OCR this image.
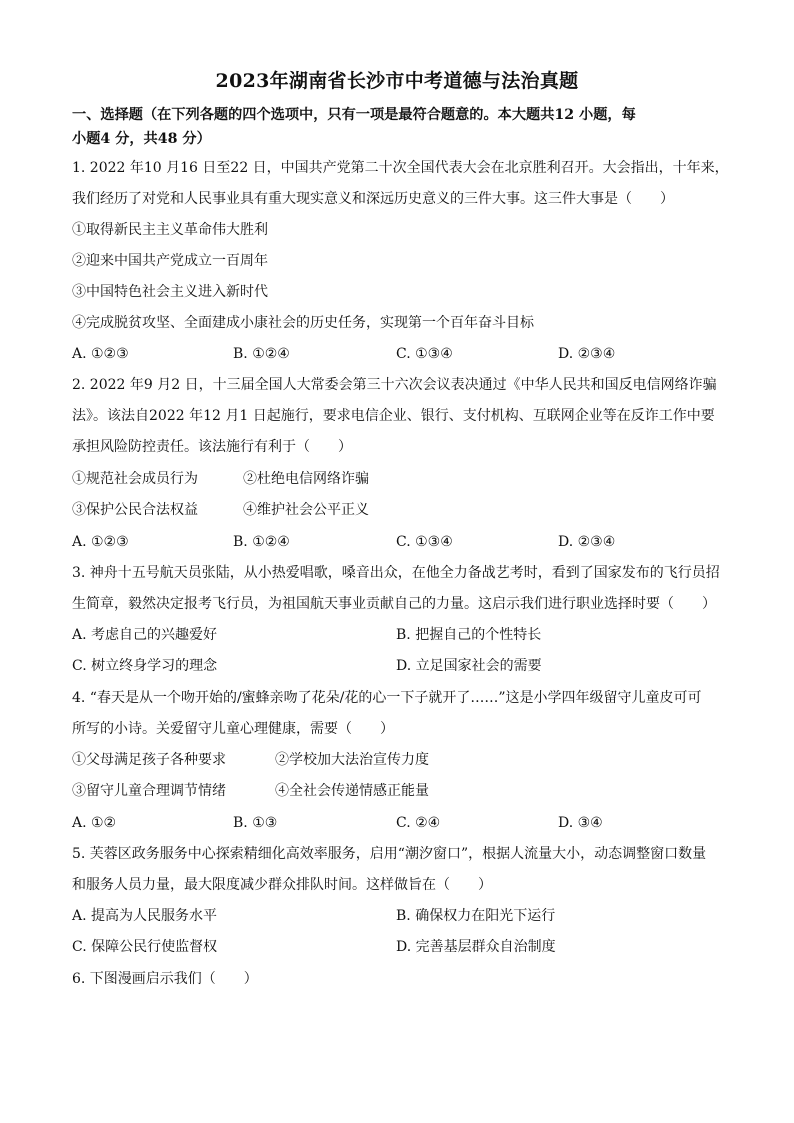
2023年湖南省长沙市中考道德与法治真题
一、选择题（在下列各题的四个选项中，只有一项是最符合题意的。本大题共12 小题，每
小题4 分，共48 分）
1. 2022 年10 月16 日至22 日，中国共产党第二十次全国代表大会在北京胜利召开。大会指出，十年来，
我们经历了对党和人民事业具有重大现实意义和深远历史意义的三件大事。这三件大事是（　　）
①取得新民主主义革命伟大胜利
②迎来中国共产党成立一百周年
③中国特色社会主义进入新时代
④完成脱贫攻坚、全面建成小康社会的历史任务，实现第一个百年奋斗目标
A. ①②③	B. ①②④	C. ①③④	D. ②③④
2. 2022 年9 月2 日，十三届全国人大常委会第三十六次会议表决通过《中华人民共和国反电信网络诈骗
法》。该法自2022 年12 月1 日起施行，要求电信企业、银行、支付机构、互联网企业等在反诈工作中要
承担风险防控责任。该法施行有利于（　　）
①规范社会成员行为	②杜绝电信网络诈骗
③保护公民合法权益	④维护社会公平正义
A. ①②③	B. ①②④	C. ①③④	D. ②③④
3. 神舟十五号航天员张陆，从小热爱唱歌，嗓音出众，在他全力备战艺考时，看到了国家发布的飞行员招
生简章，毅然决定报考飞行员，为祖国航天事业贡献自己的力量。这启示我们进行职业选择时要（　　）
A. 考虑自己的兴趣爱好	B. 把握自己的个性特长
C. 树立终身学习的理念	D. 立足国家社会的需要
4. “春天是从一个吻开始的/蜜蜂亲吻了花朵/花的心一下子就开了……”这是小学四年级留守儿童皮可可
所写的小诗。关爱留守儿童心理健康，需要（　　）
①父母满足孩子各种要求	②学校加大法治宣传力度
③留守儿童合理调节情绪	④全社会传递情感正能量
A. ①②	B. ①③	C. ②④	D. ③④
5. 芙蓉区政务服务中心探索精细化高效率服务，启用“潮汐窗口”，根据人流量大小，动态调整窗口数量
和服务人员力量，最大限度减少群众排队时间。这样做旨在（　　）
A. 提高为人民服务水平	B. 确保权力在阳光下运行
C. 保障公民行使监督权	D. 完善基层群众自治制度
6. 下图漫画启示我们（　　）
